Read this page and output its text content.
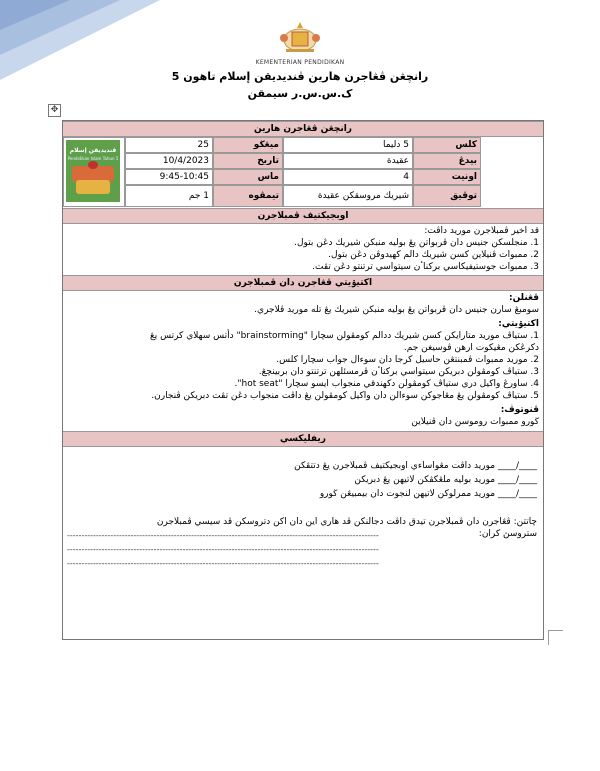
KEMENTERIAN PENDIDIKAN
رانچڠن ڤڠاجرن هارين ڤنديديقن إسلام تاهون 5
ک.س.س.ر سيمقن
✥
رانچڠن ڤڠاجرن هارين
ڤنديديقن إسلام
Pendidikan Islam Tahun 5
كلس
5 دليما
ميڠڬو
25
بيدڠ
عقيدة
تاريخ
10/4/2023
اونيت
4
ماس
9:45-10:45
توڤيق
شيريك مروسقكن عقيدة
تيمڤوه
1 جم
اوبجيكتيف ڤمبلاجرن
قد اخير ڤمبلاجرن موريد داڤت:
1. منجلسكن جنيس دان ڤربواتن يڠ بوليه منبكن شيريك دڠن بتول.
2. ممبوات ڤنيلاين كسن شيريك دالم كهيدوڤن دڠن بتول.
3. ممبوات جوستيفيكاسي بركناٴن سيتواسي ترتنتو دڠن تڤت.
اكتيۏيتي ڤڠاجرن دان ڤمبلاجرن
ڤڠنلن:
سومبڠ سارن جنيس دان ڤربواتن يڠ بوليه منبكن شيريك يڠ تله موريد ڤلاجري.
اكتيۏيتي:
1. ستياڤ موريد متارايكن كسن شيريك ددالم كومڤولن سچارا "brainstorming" دأتس سهلاي كرتس يڠ
دكرڠكن مڠيكوت ارهن ڤوسيغن جم.
2. موريد ممبوات ڤمبنتڠن حاسيل كرجا دان سوءال جواب سچارا كلس.
3. ستياڤ كومڤولن دبريكن سيتواسي بركناٴن ڤرمسئلهن ترتنتو دان بربينچڠ.
4. ساورڠ واكيل دري ستياڤ كومڤولن دكهندقي منجواب ايسو سچارا "hot seat".
5. ستياڤ كومڤولن يڠ مڠاجوكن سوءالن دان واكيل كومڤولن يڠ داڤت منجواب دڠن تڤت دبريكن ڤنجارن.
ڤنوتوڤ:
ڬورو ممبوات روموسن دان ڤنيلاين
ريفليكسي
____/____ موريد داڤت مڠواساءي اوبجيكتيف ڤمبلاجرن يڠ دتتڤكن
____/____ موريد بوليه ملڠكڤكن لاتيهن يڠ دبريكن
____/____ موريد ممرلوكن لاتيهن لنجوت دان بيمبيڠن ڬورو
چاتتن: ڤڠاجرن دان ڤمبلاجرن تيدق داڤت دجالنكن ڤد هاري اين دان اكن دتروسكن ڤد سيسي ڤمبلاجرن
ستروسڽ كران:
------------------------------------------------------------------------------------------------------------
------------------------------------------------------------------------------------------------------------
------------------------------------------------------------------------------------------------------------
